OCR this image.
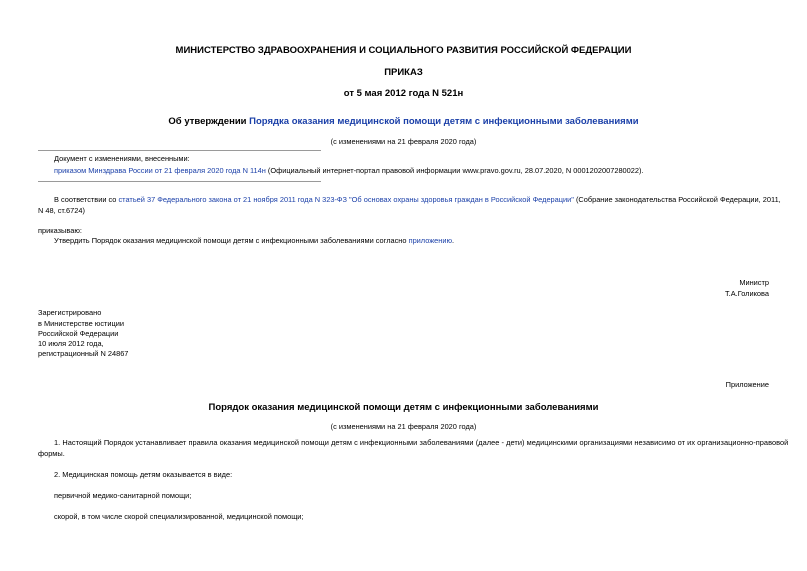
МИНИСТЕРСТВО ЗДРАВООХРАНЕНИЯ И СОЦИАЛЬНОГО РАЗВИТИЯ РОССИЙСКОЙ ФЕДЕРАЦИИ
ПРИКАЗ
от 5 мая 2012 года N 521н
Об утверждении Порядка оказания медицинской помощи детям с инфекционными заболеваниями
(с изменениями на 21 февраля 2020 года)
Документ с изменениями, внесенными:
приказом Минздрава России от 21 февраля 2020 года N 114н (Официальный интернет-портал правовой информации www.pravo.gov.ru, 28.07.2020, N 0001202007280022).
В соответствии со статьей 37 Федерального закона от 21 ноября 2011 года N 323-ФЗ "Об основах охраны здоровья граждан в Российской Федерации" (Собрание законодательства Российской Федерации, 2011,
N 48, ст.6724)
приказываю:
Утвердить Порядок оказания медицинской помощи детям с инфекционными заболеваниями согласно приложению.
Министр
Т.А.Голикова
Зарегистрировано
в Министерстве юстиции
Российской Федерации
10 июля 2012 года,
регистрационный N 24867
Приложение
Порядок оказания медицинской помощи детям с инфекционными заболеваниями
(с изменениями на 21 февраля 2020 года)
1. Настоящий Порядок устанавливает правила оказания медицинской помощи детям с инфекционными заболеваниями (далее - дети) медицинскими организациями независимо от их организационно-правовой
формы.
2. Медицинская помощь детям оказывается в виде:
первичной медико-санитарной помощи;
скорой, в том числе скорой специализированной, медицинской помощи;
